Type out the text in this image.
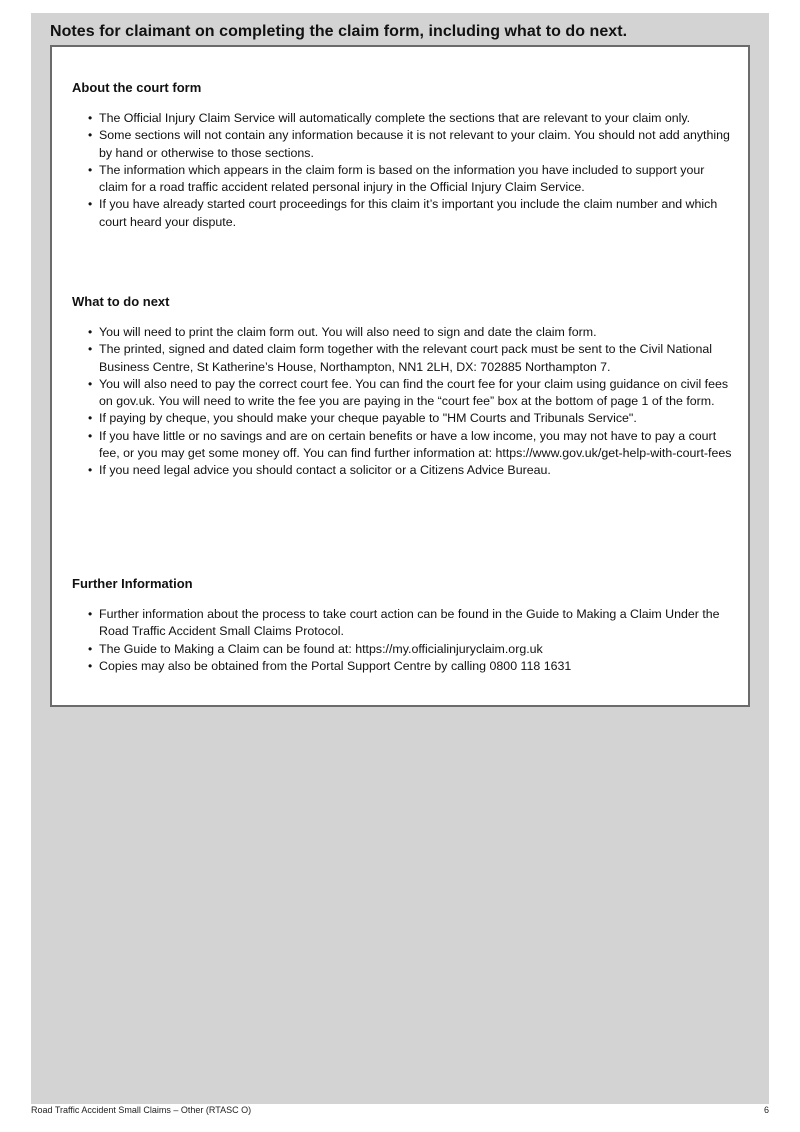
Notes for claimant on completing the claim form, including what to do next.
About the court form
• The Official Injury Claim Service will automatically complete the sections that are relevant to your claim only.
• Some sections will not contain any information because it is not relevant to your claim. You should not add anything by hand or otherwise to those sections.
• The information which appears in the claim form is based on the information you have included to support your claim for a road traffic accident related personal injury in the Official Injury Claim Service.
• If you have already started court proceedings for this claim it’s important you include the claim number and which court heard your dispute.
What to do next
• You will need to print the claim form out. You will also need to sign and date the claim form.
• The printed, signed and dated claim form together with the relevant court pack must be sent to the Civil National Business Centre, St Katherine’s House, Northampton, NN1 2LH, DX: 702885 Northampton 7.
• You will also need to pay the correct court fee. You can find the court fee for your claim using guidance on civil fees on gov.uk. You will need to write the fee you are paying in the “court fee” box at the bottom of page 1 of the form.
• If paying by cheque, you should make your cheque payable to "HM Courts and Tribunals Service".
• If you have little or no savings and are on certain benefits or have a low income, you may not have to pay a court fee, or you may get some money off. You can find further information at: https://www.gov.uk/get-help-with-court-fees
• If you need legal advice you should contact a solicitor or a Citizens Advice Bureau.
Further Information
• Further information about the process to take court action can be found in the Guide to Making a Claim Under the Road Traffic Accident Small Claims Protocol.
• The Guide to Making a Claim can be found at: https://my.officialinjuryclaim.org.uk
• Copies may also be obtained from the Portal Support Centre by calling 0800 118 1631
Road Traffic Accident Small Claims – Other (RTASC O)	6
